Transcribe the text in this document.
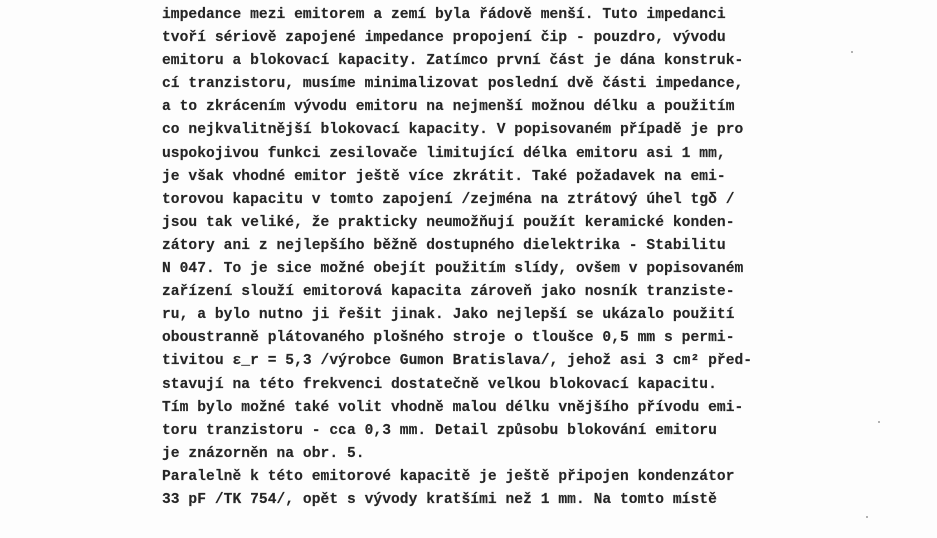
impedance mezi emitorem a zemí byla řádově menší. Tuto impedanci
tvoří sériově zapojené impedance propojení čip - pouzdro, vývodu
emitoru a blokovací kapacity. Zatímco první část je dána konstruk-
cí tranzistoru, musíme minimalizovat poslední dvě části impedance,
a to zkrácením vývodu emitoru na nejmenší možnou délku a použitím
co nejkvalitnější blokovací kapacity. V popisovaném případě je pro
uspokojivou funkci zesilovače limitující délka emitoru asi 1 mm,
je však vhodné emitor ještě více zkrátit. Také požadavek na emi-
torovou kapacitu v tomto zapojení /zejména na ztrátový úhel tgδ /
jsou tak veliké, že prakticky neumožňují použít keramické konden-
zátory ani z nejlepšího běžně dostupného dielektrika - Stabilitu
N 047. To je sice možné obejít použitím slídy, ovšem v popisovaném
zařízení slouží emitorová kapacita zároveň jako nosník tranziste-
ru, a bylo nutno ji řešit jinak. Jako nejlepší se ukázalo použití
oboustranně plátovaného plošného stroje o tloušce 0,5 mm s permi-
tivitou ε_r = 5,3 /výrobce Gumon Bratislava/, jehož asi 3 cm² před-
stavují na této frekvenci dostatečně velkou blokovací kapacitu.
Tím bylo možné také volit vhodně malou délku vnějšího přívodu emi-
toru tranzistoru - cca 0,3 mm. Detail způsobu blokování emitoru
je znázorněn na obr. 5.
Paralelně k této emitorové kapacitě je ještě připojen kondenzátor
33 pF /TK 754/, opět s vývody kratšími než 1 mm. Na tomto místě
